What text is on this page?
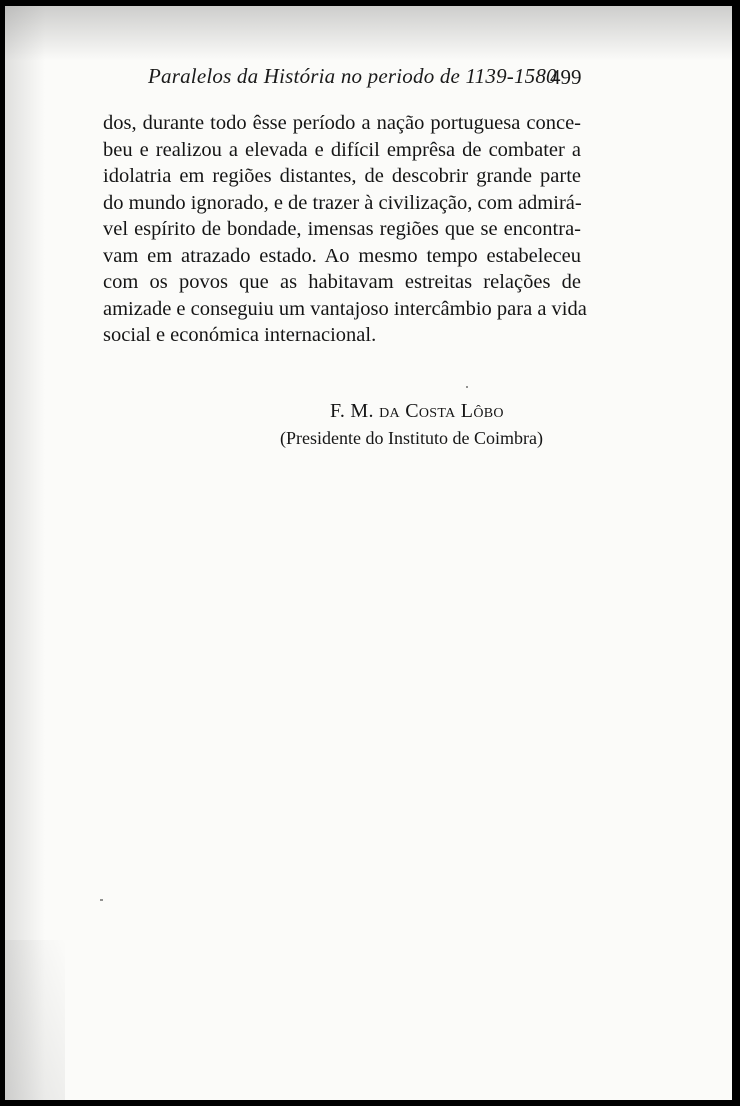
Paralelos da História no periodo de 1139-1580
499
dos, durante todo êsse período a nação portuguesa conce-
beu e realizou a elevada e difícil emprêsa de combater a
idolatria em regiões distantes, de descobrir grande parte
do mundo ignorado, e de trazer à civilização, com admirá-
vel espírito de bondade, imensas regiões que se encontra-
vam em atrazado estado. Ao mesmo tempo estabeleceu
com os povos que as habitavam estreitas relações de
amizade e conseguiu um vantajoso intercâmbio para a vida
social e económica internacional.
F. M. da Costa Lôbo
(Presidente do Instituto de Coimbra)
